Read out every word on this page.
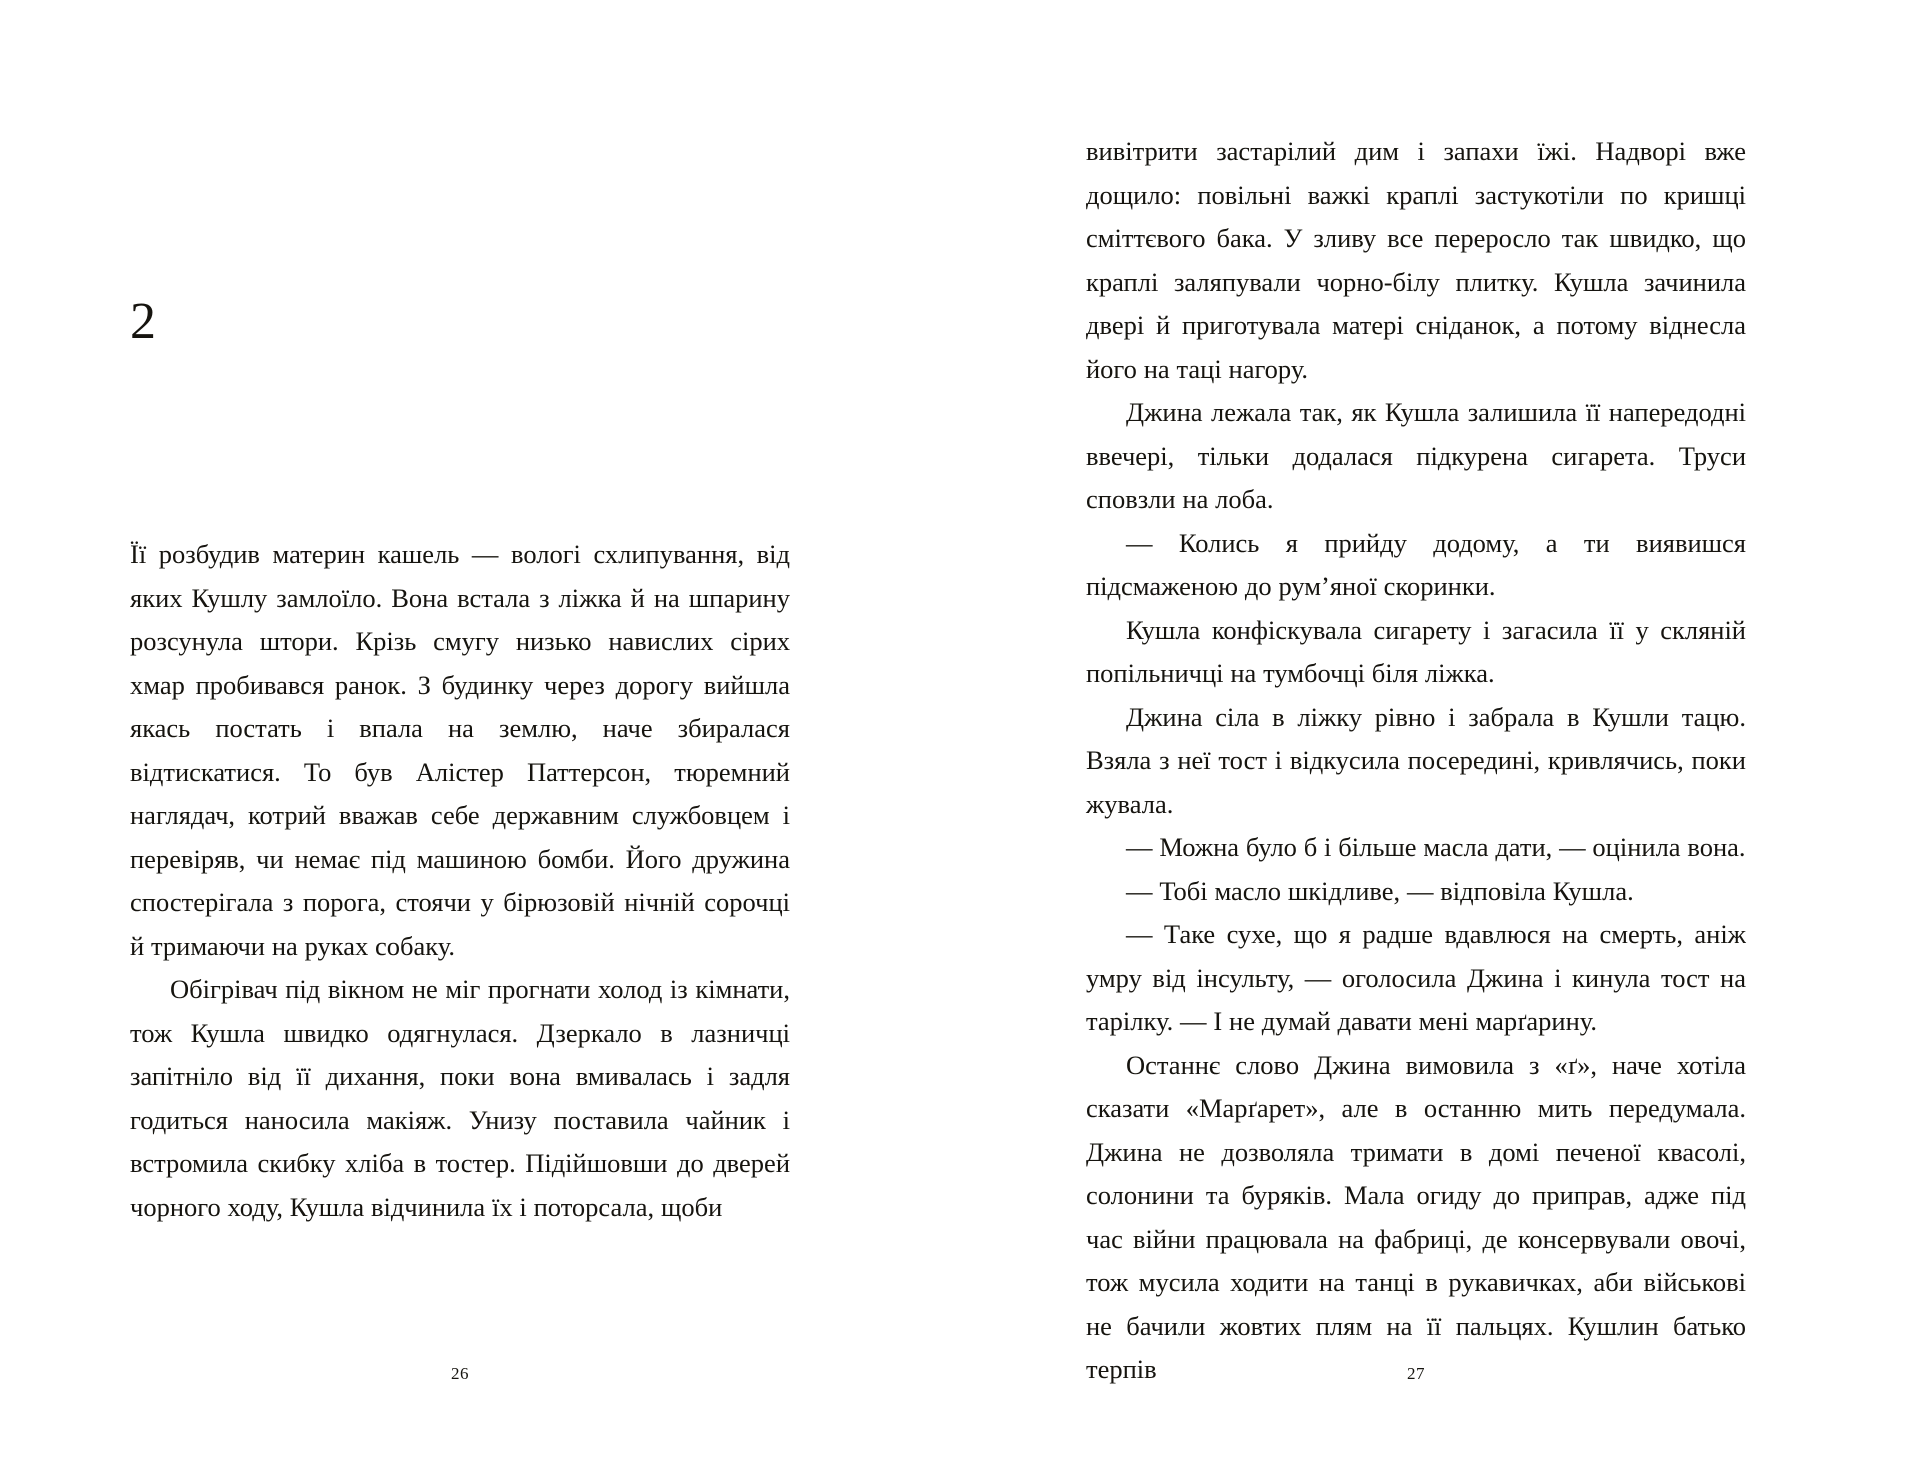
2

Її розбудив материн кашель — вологі схлипування, від яких Кушлу замлоїло. Вона встала з ліжка й на шпарину розсунула штори. Крізь смугу низько навислих сірих хмар пробивався ранок. З будинку через дорогу вийшла якась постать і впала на землю, наче збиралася відтискатися. То був Алістер Паттерсон, тюремний наглядач, котрий вважав себе державним службовцем і перевіряв, чи немає під машиною бомби. Його дружина спостерігала з порога, стоячи у бірюзовій нічній сорочці й тримаючи на руках собаку.

Обігрівач під вікном не міг прогнати холод із кімнати, тож Кушла швидко одягнулася. Дзеркало в лазничці запітніло від її дихання, поки вона вмивалась і задля годиться наносила макіяж. Унизу поставила чайник і встромила скибку хліба в тостер. Підійшовши до дверей чорного ходу, Кушла відчинила їх і поторсала, щоби

26

вивітрити застарілий дим і запахи їжі. Надворі вже дощило: повільні важкі краплі застукотіли по кришці сміттєвого бака. У зливу все переросло так швидко, що краплі заляпували чорно-білу плитку. Кушла зачинила двері й приготувала матері сніданок, а потому віднесла його на таці нагору.

Джина лежала так, як Кушла залишила її напередодні ввечері, тільки додалася підкурена сигарета. Труси сповзли на лоба.

— Колись я прийду додому, а ти виявишся підсмаженою до рум’яної скоринки.

Кушла конфіскувала сигарету і загасила її у скляній попільничці на тумбочці біля ліжка.

Джина сіла в ліжку рівно і забрала в Кушли тацю. Взяла з неї тост і відкусила посередині, кривлячись, поки жувала.

— Можна було б і більше масла дати, — оцінила вона.

— Тобі масло шкідливе, — відповіла Кушла.

— Таке сухе, що я радше вдавлюся на смерть, аніж умру від інсульту, — оголосила Джина і кинула тост на тарілку. — І не думай давати мені марґарину.

Останнє слово Джина вимовила з «ґ», наче хотіла сказати «Марґарет», але в останню мить передумала. Джина не дозволяла тримати в домі печеної квасолі, солонини та буряків. Мала огиду до приправ, адже під час війни працювала на фабриці, де консервували овочі, тож мусила ходити на танці в рукавичках, аби військові не бачили жовтих плям на її пальцях. Кушлин батько терпів	27
